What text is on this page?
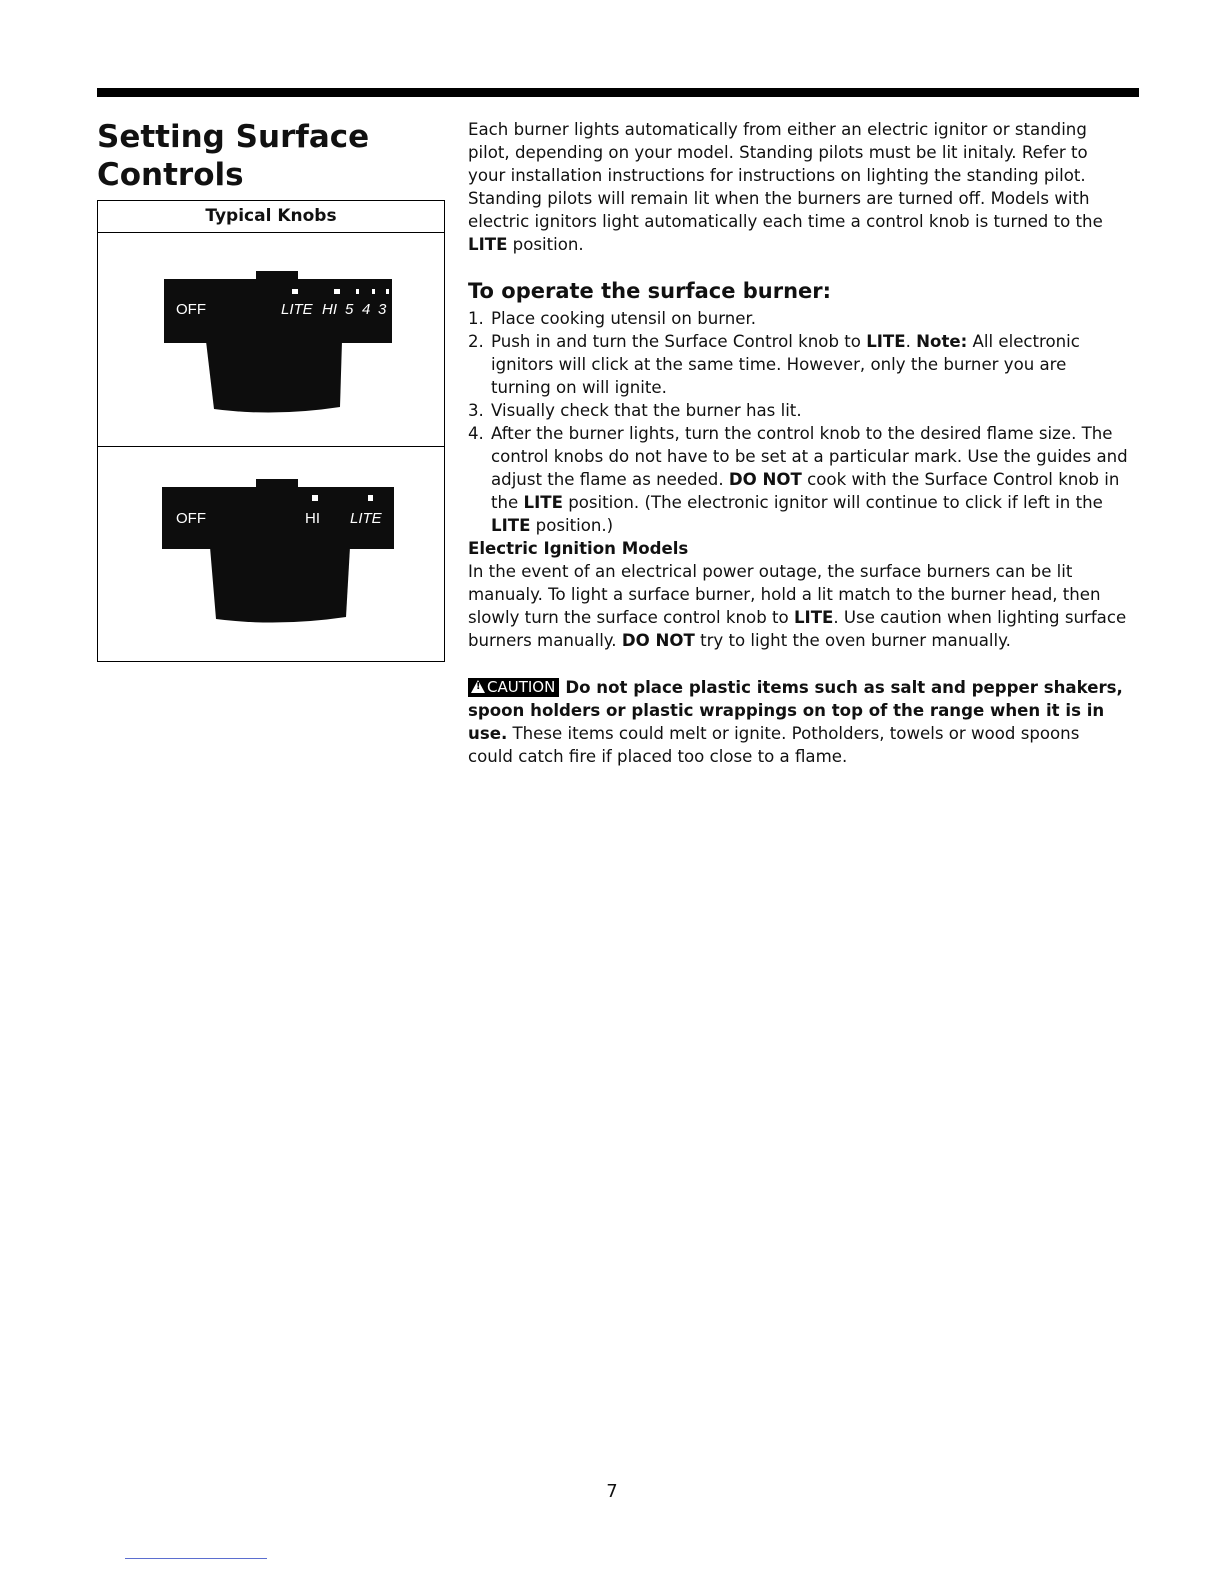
Setting Surface
Controls
Typical Knobs
OFF	LITE HI 5 4 3
OFF	HI LITE

Each burner lights automatically from either an electric ignitor or standing pilot, depending on your model. Standing pilots must be lit initaly. Refer to your installation instructions for instructions on lighting the standing pilot. Standing pilots will remain lit when the burners are turned off. Models with electric ignitors light automatically each time a control knob is turned to the LITE position.

To operate the surface burner:
1. Place cooking utensil on burner.
2. Push in and turn the Surface Control knob to LITE. Note: All electronic ignitors will click at the same time. However, only the burner you are turning on will ignite.
3. Visually check that the burner has lit.
4. After the burner lights, turn the control knob to the desired flame size. The control knobs do not have to be set at a particular mark. Use the guides and adjust the flame as needed. DO NOT cook with the Surface Control knob in the LITE position. (The electronic ignitor will continue to click if left in the LITE position.)

Electric Ignition Models

In the event of an electrical power outage, the surface burners can be lit manualy. To light a surface burner, hold a lit match to the burner head, then slowly turn the surface control knob to LITE. Use caution when lighting surface burners manually. DO NOT try to light the oven burner manually.

!CAUTION Do not place plastic items such as salt and pepper shakers, spoon holders or plastic wrappings on top of the range when it is in use. These items could melt or ignite. Potholders, towels or wood spoons could catch fire if placed too close to a flame.

7
